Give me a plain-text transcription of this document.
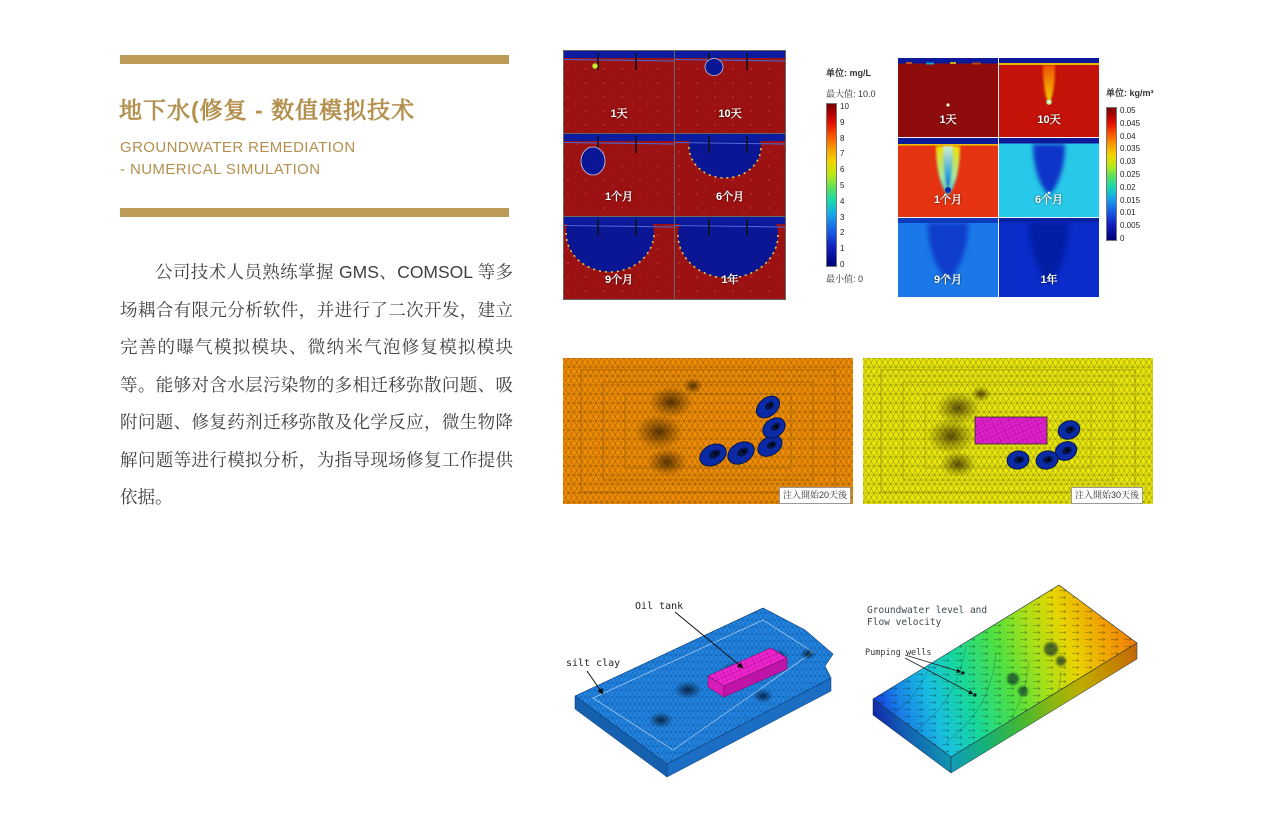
地下水(修复 - 数值模拟技术
GROUNDWATER REMEDIATION
- NUMERICAL SIMULATION

公司技术人员熟练掌握 GMS、COMSOL 等多场耦合有限元分析软件，并进行了二次开发，建立完善的曝气模拟模块、微纳米气泡修复模拟模块等。能够对含水层污染物的多相迁移弥散问题、吸附问题、修复药剂迁移弥散及化学反应，微生物降解问题等进行模拟分析，为指导现场修复工作提供依据。

1天	10天
1个月	6个月
9个月	1年
单位: mg/L
最大值: 10.0
10
9
8
7
6
5
4
3
2
1
0
最小值: 0
1天	10天
1个月	6个月
9个月	1年
单位: kg/m³
0.05
0.045
0.04
0.035
0.03
0.025
0.02
0.015
0.01
0.005
0
注入開始20天後	注入開始30天後
Oil tank
silt clay
Groundwater level and
Flow velocity
Pumping wells
